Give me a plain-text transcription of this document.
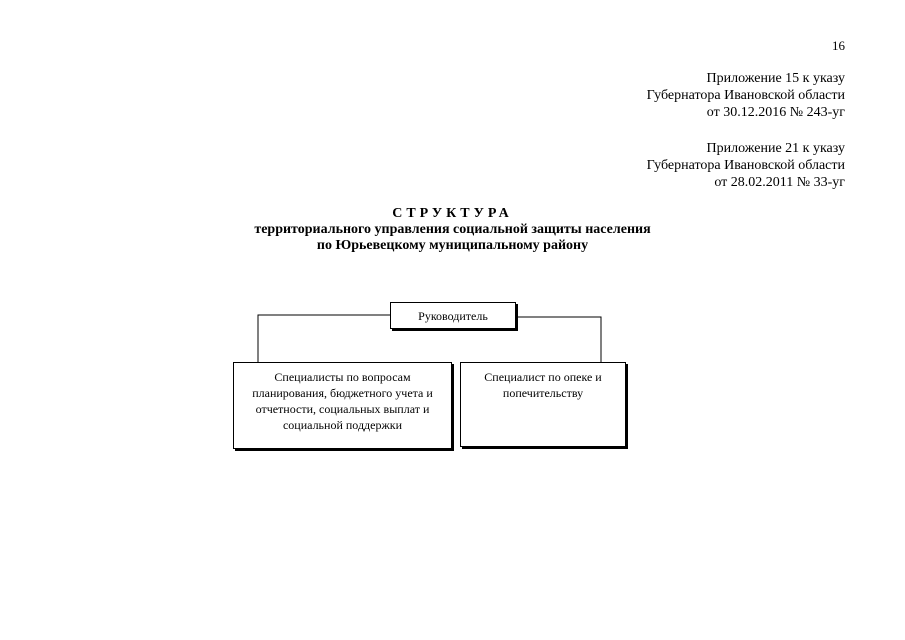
16
Приложение 15 к указу
Губернатора Ивановской области
от 30.12.2016 № 243-уг
Приложение 21 к указу
Губернатора Ивановской области
от 28.02.2011 № 33-уг
СТРУКТУРА
территориального управления социальной защиты населения
по Юрьевецкому муниципальному району
Руководитель
Специалисты по вопросам
планирования, бюджетного учета и
отчетности, социальных выплат и
социальной поддержки
Специалист по опеке и
попечительству
